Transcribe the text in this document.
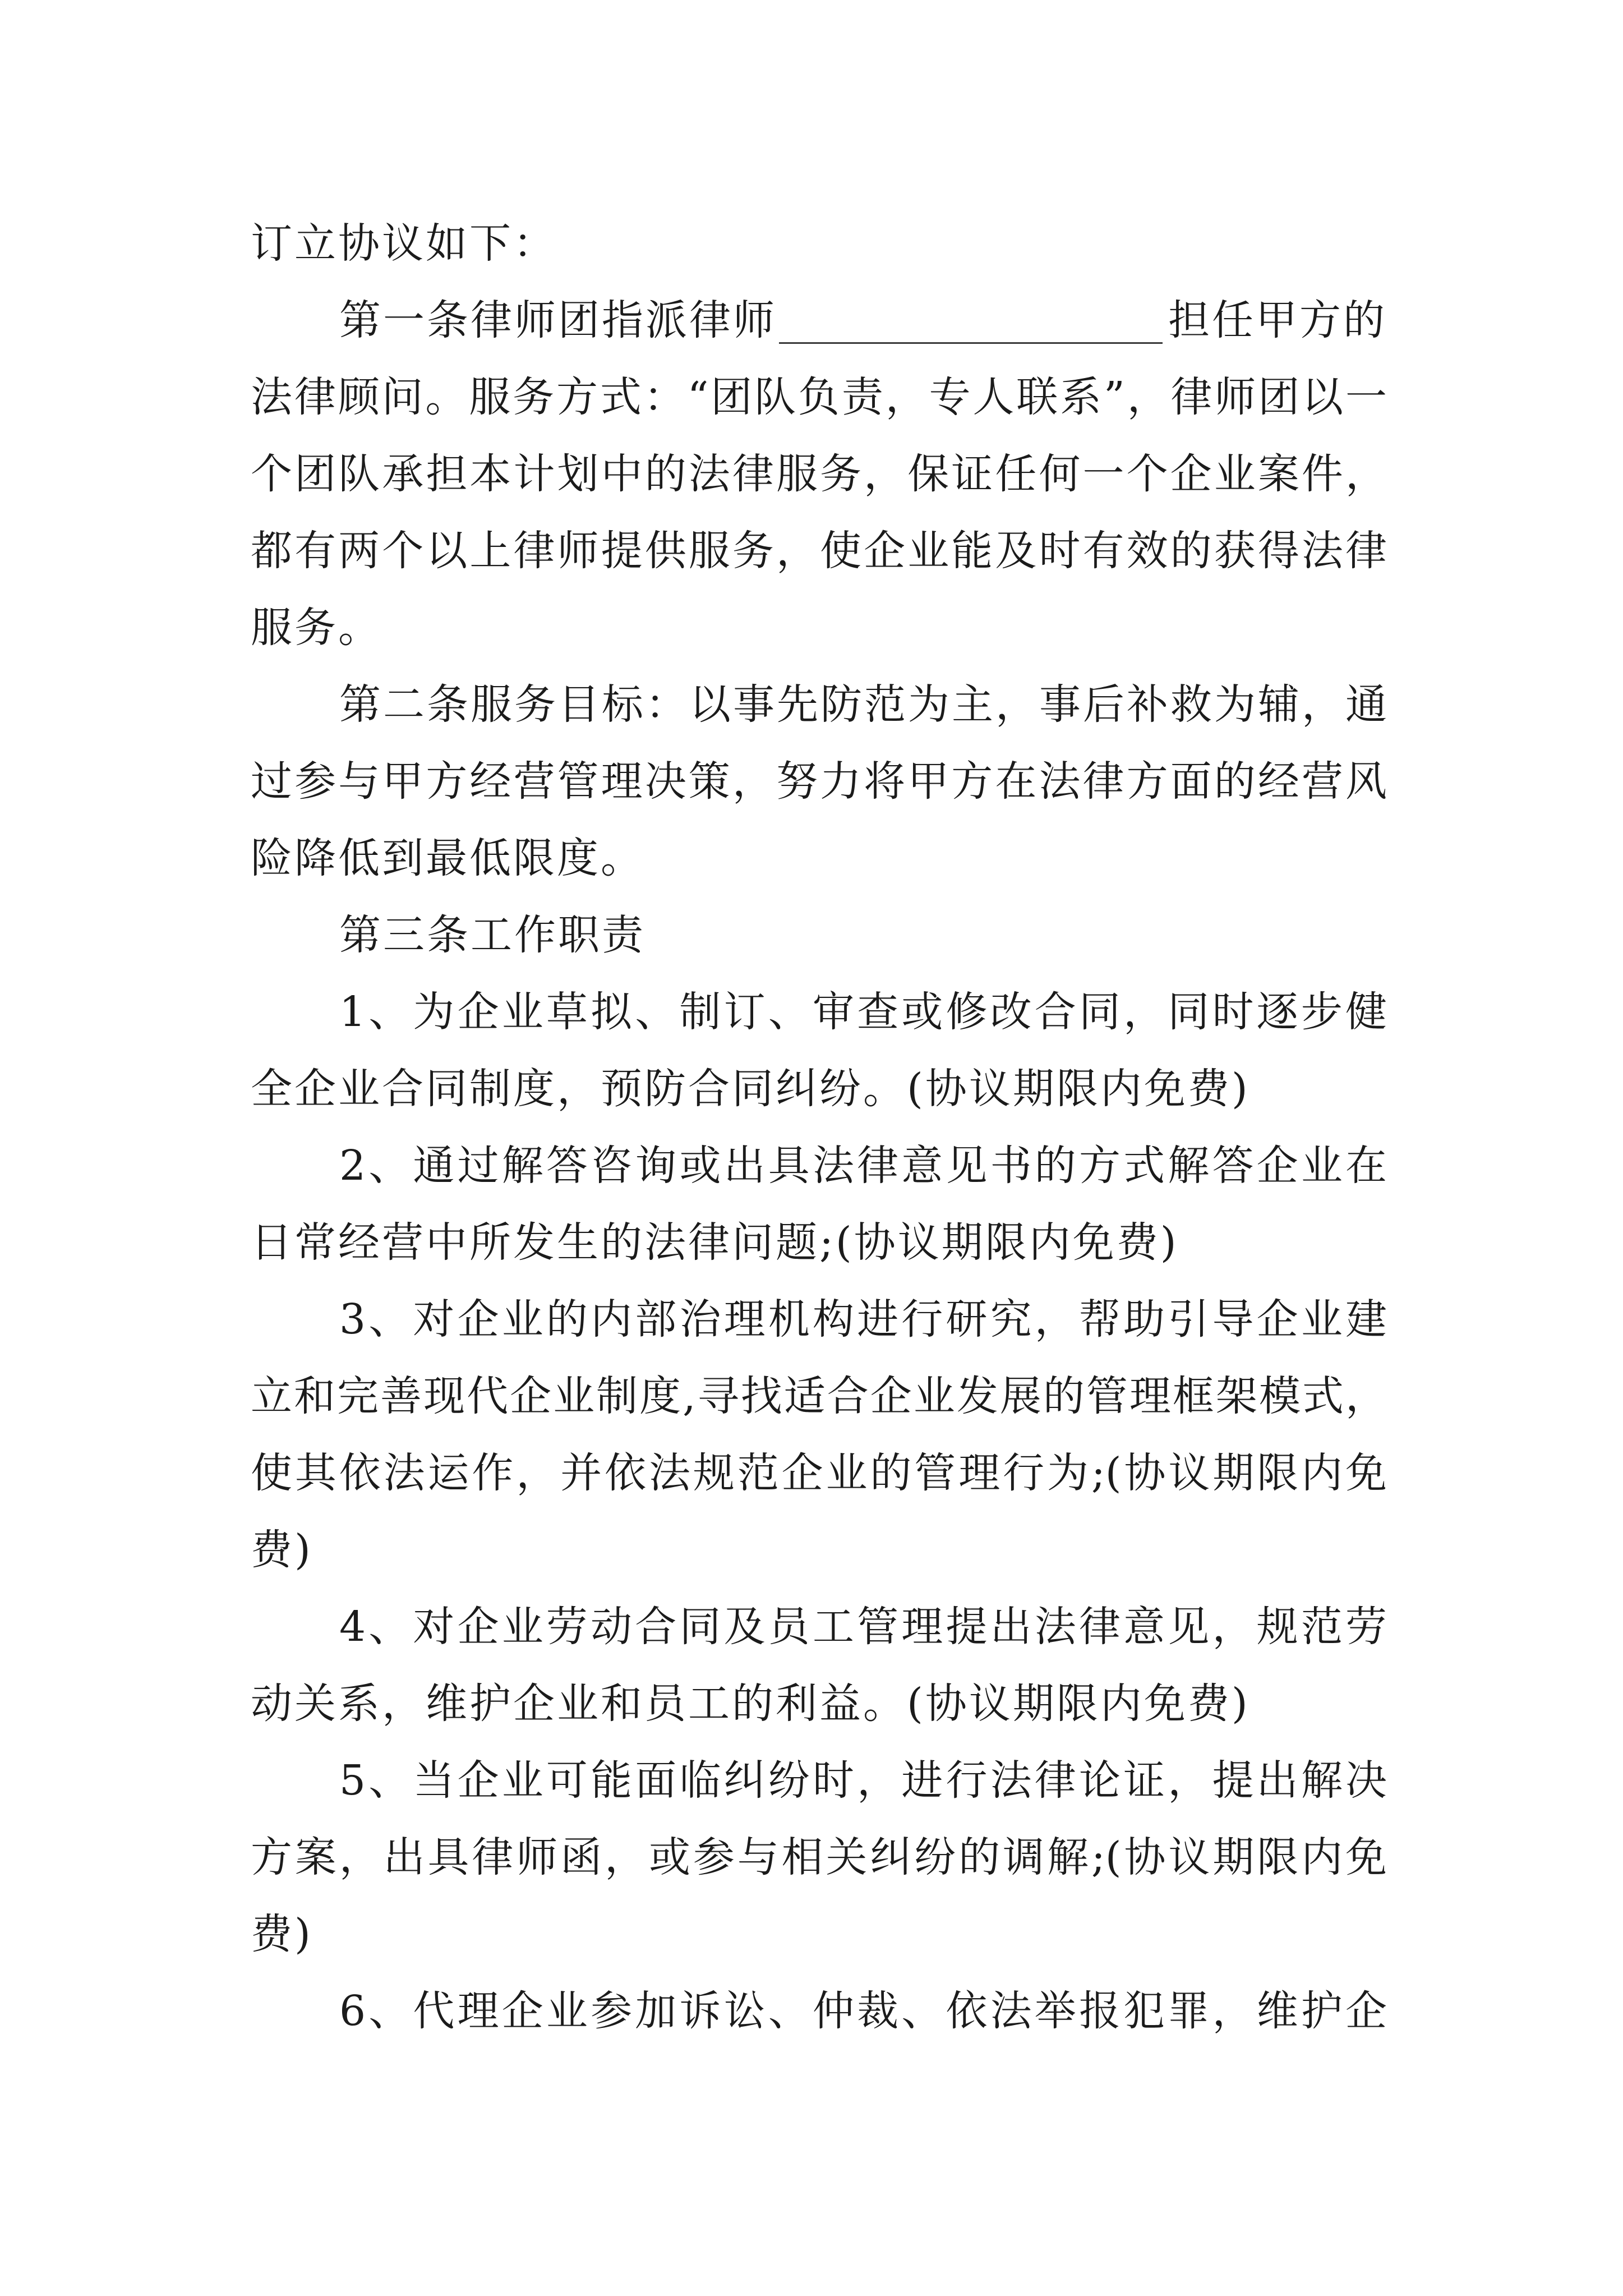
订立协议如下：
第一条律师团指派律师	担任甲方的
法律顾问。服务方式：“团队负责，专人联系”，律师团以一
个团队承担本计划中的法律服务，保证任何一个企业案件，
都有两个以上律师提供服务，使企业能及时有效的获得法律
服务。
第二条服务目标：以事先防范为主，事后补救为辅，通
过参与甲方经营管理决策，努力将甲方在法律方面的经营风
险降低到最低限度。
第三条工作职责
1、为企业草拟、制订、审查或修改合同，同时逐步健
全企业合同制度，预防合同纠纷。(协议期限内免费)
2、通过解答咨询或出具法律意见书的方式解答企业在
日常经营中所发生的法律问题;(协议期限内免费)
3、对企业的内部治理机构进行研究，帮助引导企业建
立和完善现代企业制度,寻找适合企业发展的管理框架模式，
使其依法运作，并依法规范企业的管理行为;(协议期限内免
费)
4、对企业劳动合同及员工管理提出法律意见，规范劳
动关系，维护企业和员工的利益。(协议期限内免费)
5、当企业可能面临纠纷时，进行法律论证，提出解决
方案，出具律师函，或参与相关纠纷的调解;(协议期限内免
费)
6、代理企业参加诉讼、仲裁、依法举报犯罪，维护企
